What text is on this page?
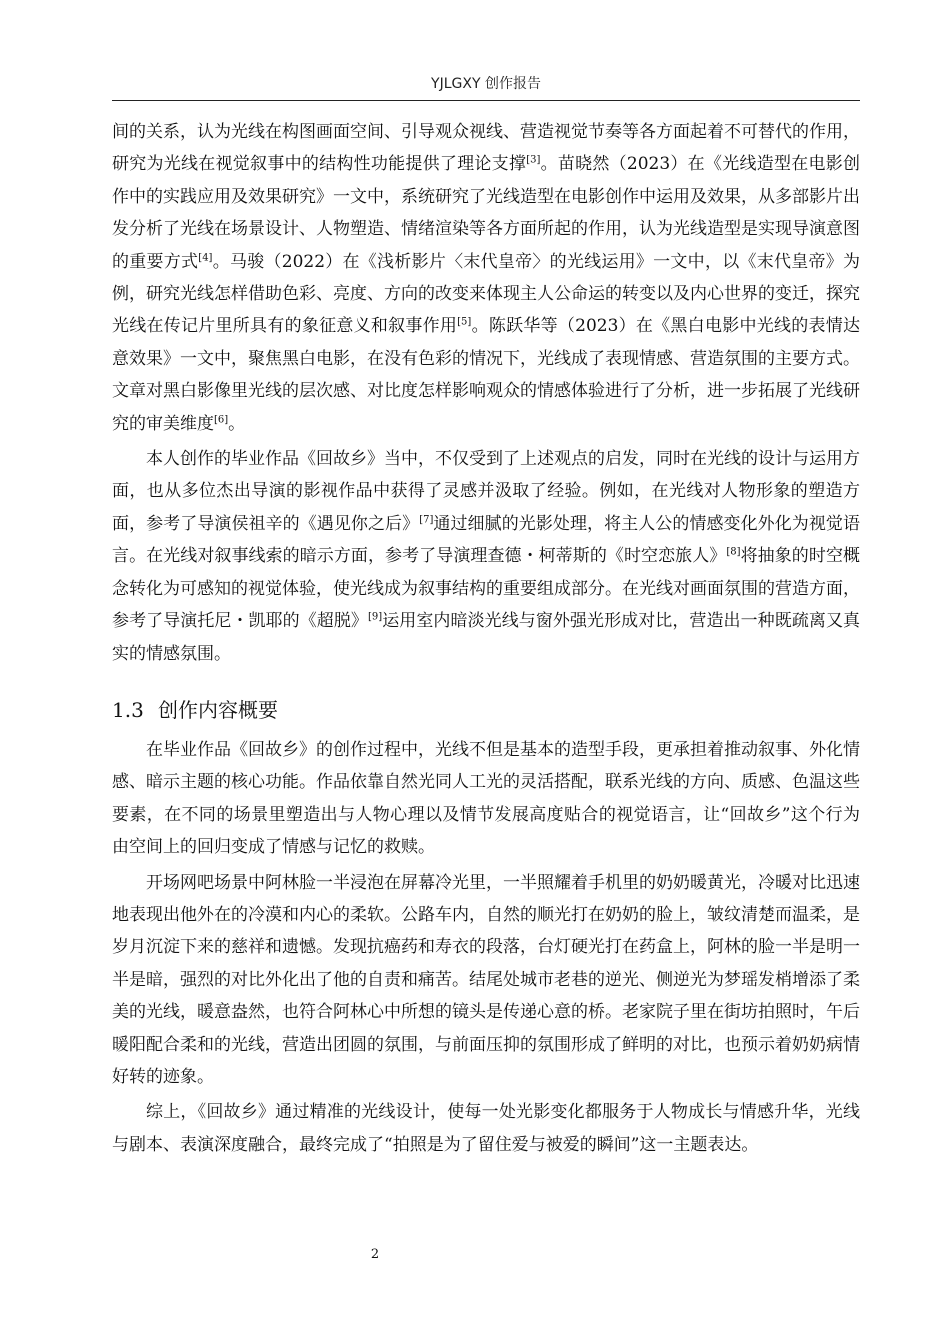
YJLGXY 创作报告

间的关系，认为光线在构图画面空间、引导观众视线、营造视觉节奏等各方面起着不可替代的作用，研究为光线在视觉叙事中的结构性功能提供了理论支撑[3]。苗晓然（2023）在《光线造型在电影创作中的实践应用及效果研究》一文中，系统研究了光线造型在电影创作中运用及效果，从多部影片出发分析了光线在场景设计、人物塑造、情绪渲染等各方面所起的作用，认为光线造型是实现导演意图的重要方式[4]。马骏（2022）在《浅析影片〈末代皇帝〉的光线运用》一文中，以《末代皇帝》为例，研究光线怎样借助色彩、亮度、方向的改变来体现主人公命运的转变以及内心世界的变迁，探究光线在传记片里所具有的象征意义和叙事作用[5]。陈跃华等（2023）在《黑白电影中光线的表情达意效果》一文中，聚焦黑白电影，在没有色彩的情况下，光线成了表现情感、营造氛围的主要方式。文章对黑白影像里光线的层次感、对比度怎样影响观众的情感体验进行了分析，进一步拓展了光线研究的审美维度[6]。

本人创作的毕业作品《回故乡》当中，不仅受到了上述观点的启发，同时在光线的设计与运用方面，也从多位杰出导演的影视作品中获得了灵感并汲取了经验。例如，在光线对人物形象的塑造方面，参考了导演侯祖辛的《遇见你之后》[7]通过细腻的光影处理，将主人公的情感变化外化为视觉语言。在光线对叙事线索的暗示方面，参考了导演理查德・柯蒂斯的《时空恋旅人》[8]将抽象的时空概念转化为可感知的视觉体验，使光线成为叙事结构的重要组成部分。在光线对画面氛围的营造方面，参考了导演托尼・凯耶的《超脱》[9]运用室内暗淡光线与窗外强光形成对比，营造出一种既疏离又真实的情感氛围。

1.3 创作内容概要

在毕业作品《回故乡》的创作过程中，光线不但是基本的造型手段，更承担着推动叙事、外化情感、暗示主题的核心功能。作品依靠自然光同人工光的灵活搭配，联系光线的方向、质感、色温这些要素，在不同的场景里塑造出与人物心理以及情节发展高度贴合的视觉语言，让“回故乡”这个行为由空间上的回归变成了情感与记忆的救赎。

开场网吧场景中阿林脸一半浸泡在屏幕冷光里，一半照耀着手机里的奶奶暖黄光，冷暖对比迅速地表现出他外在的冷漠和内心的柔软。公路车内，自然的顺光打在奶奶的脸上，皱纹清楚而温柔，是岁月沉淀下来的慈祥和遗憾。发现抗癌药和寿衣的段落，台灯硬光打在药盒上，阿林的脸一半是明一半是暗，强烈的对比外化出了他的自责和痛苦。结尾处城市老巷的逆光、侧逆光为梦瑶发梢增添了柔美的光线，暖意盎然，也符合阿林心中所想的镜头是传递心意的桥。老家院子里在街坊拍照时，午后暖阳配合柔和的光线，营造出团圆的氛围，与前面压抑的氛围形成了鲜明的对比，也预示着奶奶病情好转的迹象。

综上，《回故乡》通过精准的光线设计，使每一处光影变化都服务于人物成长与情感升华，光线与剧本、表演深度融合，最终完成了“拍照是为了留住爱与被爱的瞬间”这一主题表达。

2
